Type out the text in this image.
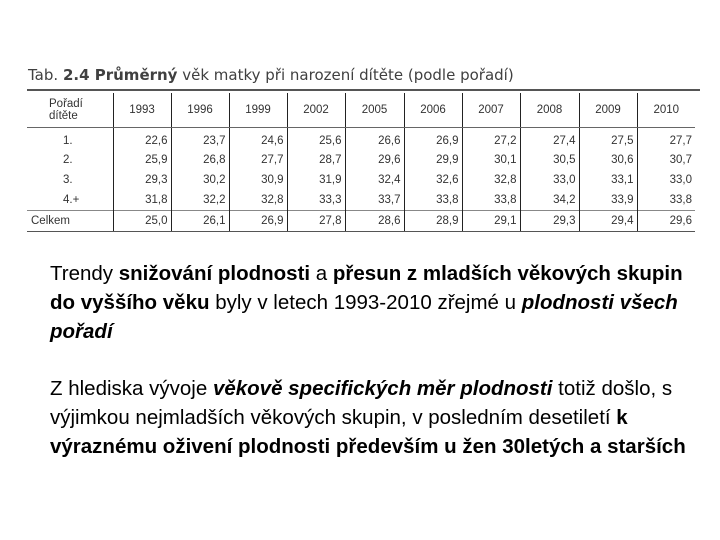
Tab. 2.4 Průměrný věk matky při narození dítěte (podle pořadí)
Pořadí
dítěte	1993	1996	1999	2002	2005	2006	2007	2008	2009	2010
1.	22,6	23,7	24,6	25,6	26,6	26,9	27,2	27,4	27,5	27,7
2.	25,9	26,8	27,7	28,7	29,6	29,9	30,1	30,5	30,6	30,7
3.	29,3	30,2	30,9	31,9	32,4	32,6	32,8	33,0	33,1	33,0
4.+	31,8	32,2	32,8	33,3	33,7	33,8	33,8	34,2	33,9	33,8
Celkem	25,0	26,1	26,9	27,8	28,6	28,9	29,1	29,3	29,4	29,6
Trendy snižování plodnosti a přesun z mladších věkových skupin do vyššího věku byly v letech 1993-2010 zřejmé u plodnosti všech pořadí
Z hlediska vývoje věkově specifických měr plodnosti totiž došlo, s výjimkou nejmladších věkových skupin, v posledním desetiletí k výraznému oživení plodnosti především u žen 30letých a starších
